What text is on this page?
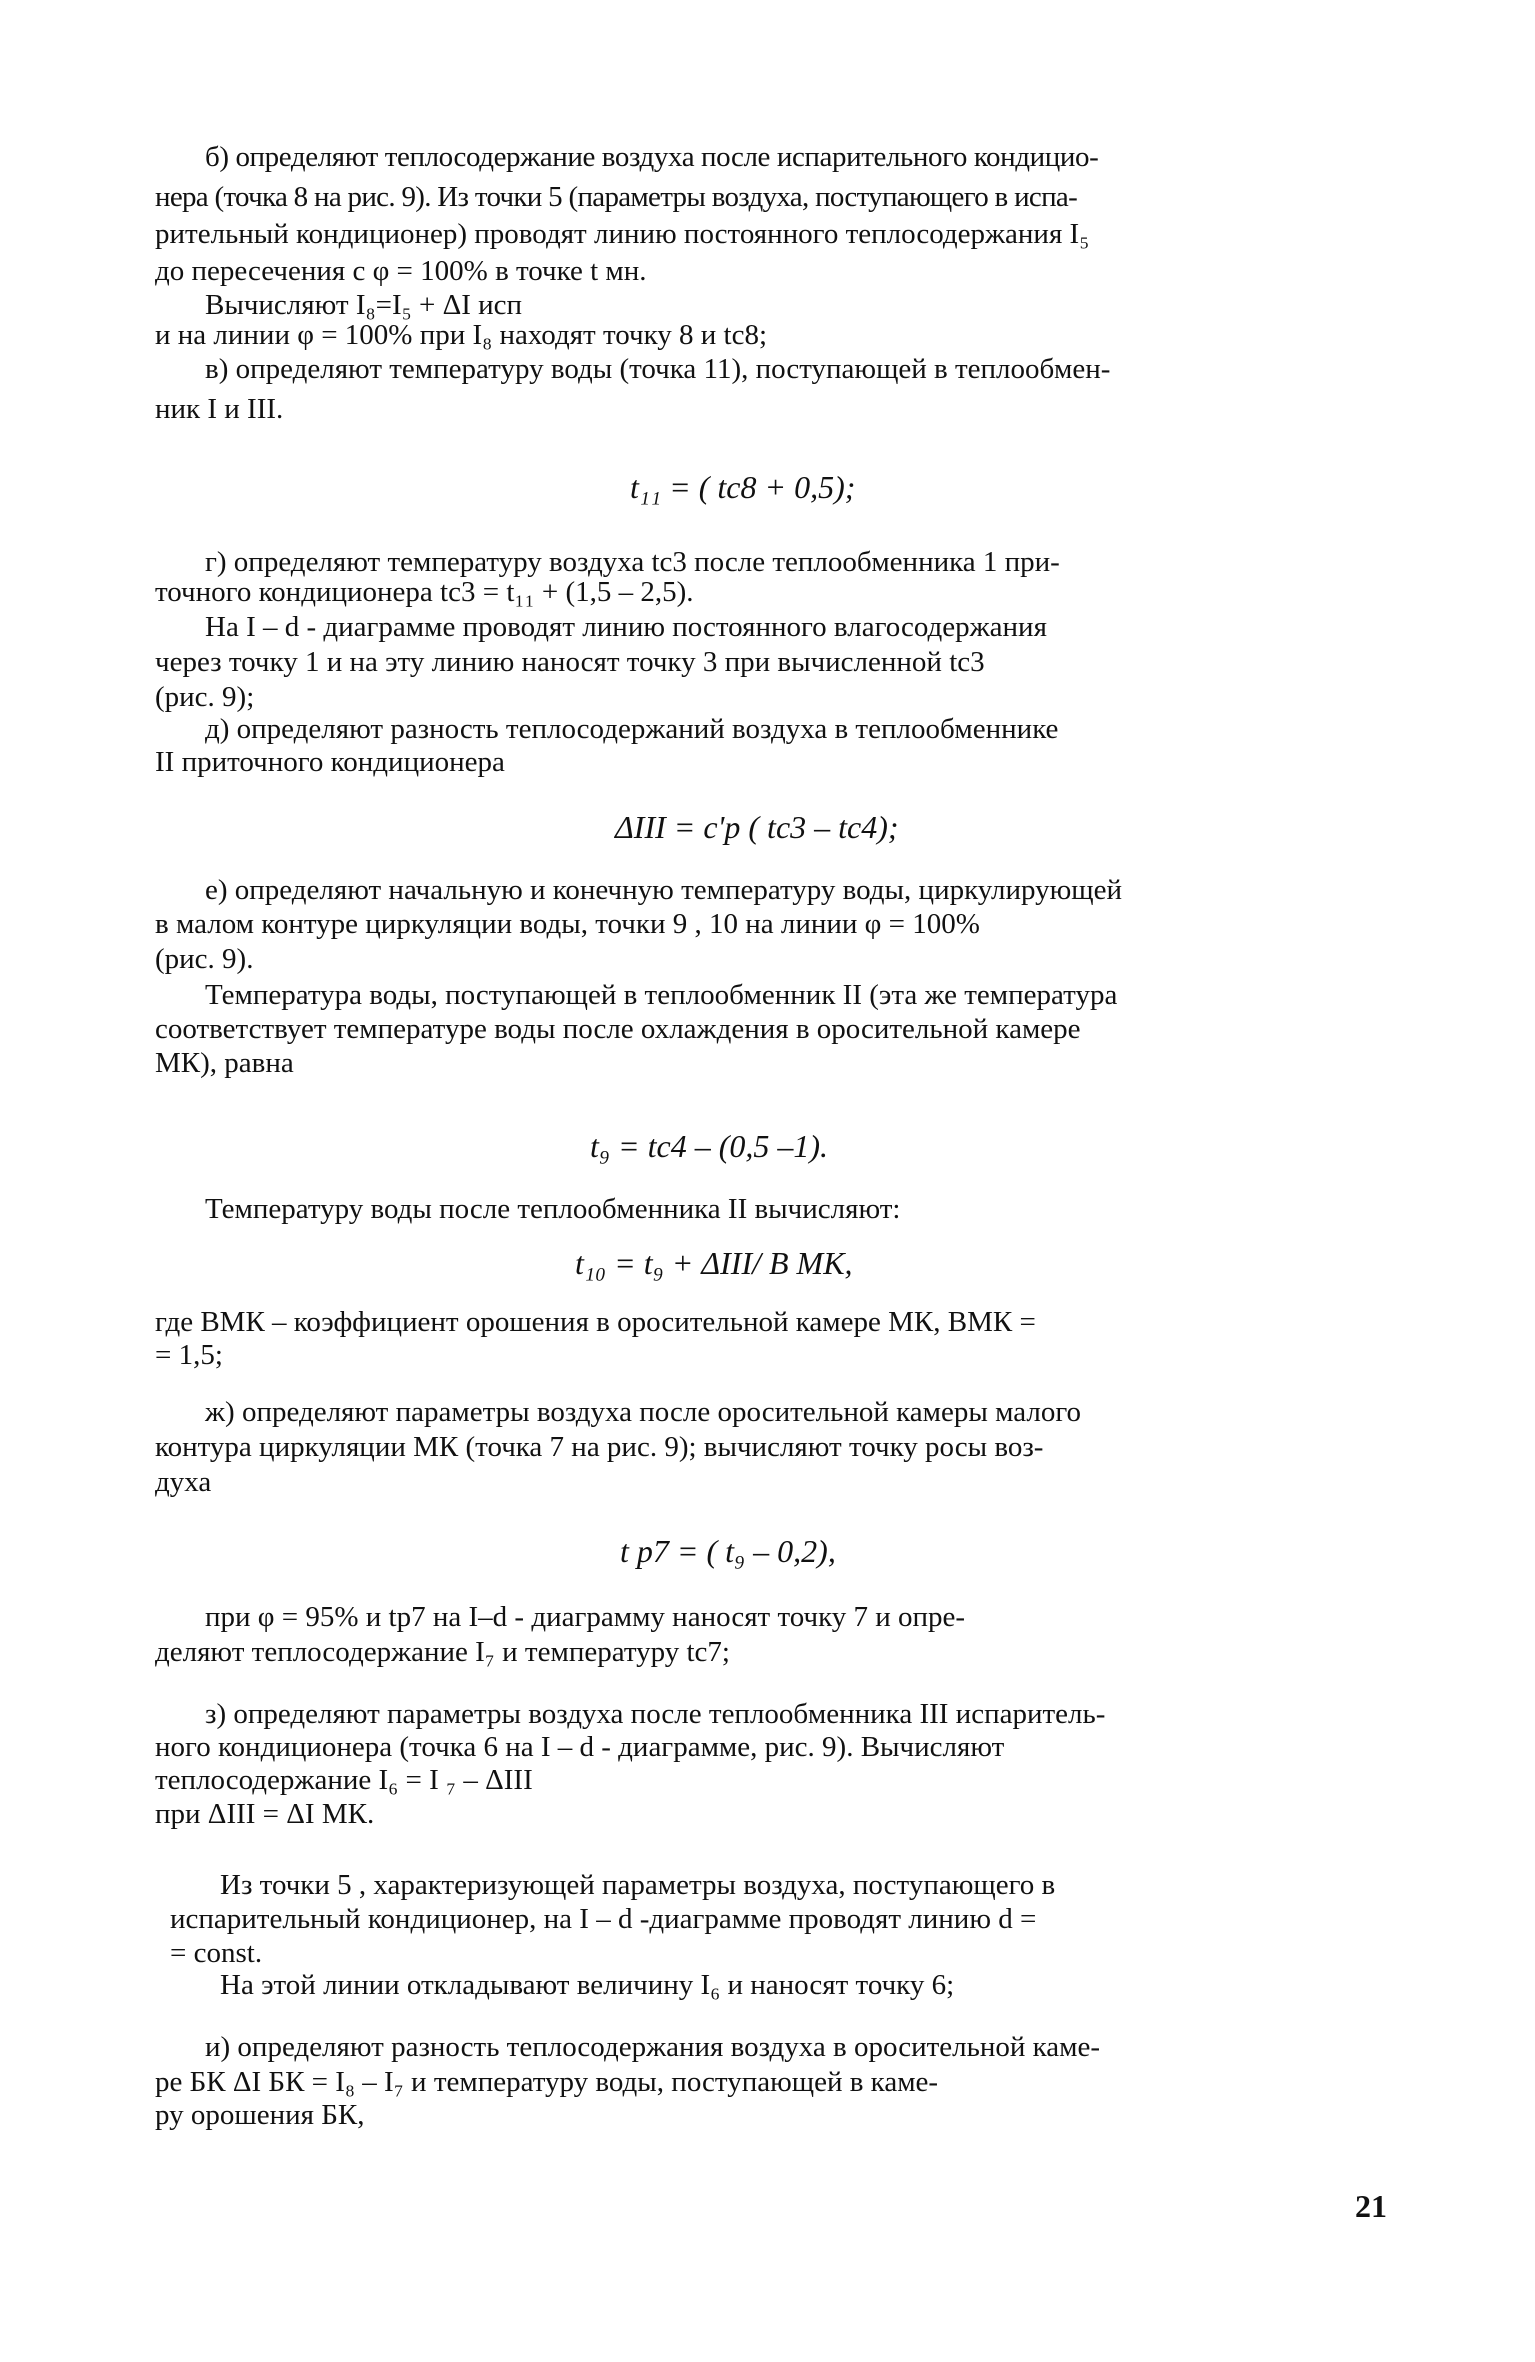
б) определяют теплосодержание воздуха после испарительного кондицио-
нера (точка 8 на рис. 9). Из точки 5 (параметры воздуха, поступающего в испа-
рительный кондиционер) проводят линию постоянного теплосодержания I₅
до пересечения с φ = 100% в точке t мн.
Вычисляют I₈=I₅ + ΔI исп
и на линии φ = 100% при I₈ находят точку 8 и tс8;
в) определяют температуру воды (точка 11), поступающей в теплообмен-
ник I и III.
t₁₁ = ( tс8 + 0,5);
г) определяют температуру воздуха tс3 после теплообменника 1 при-
точного кондиционера tс3 = t₁₁ + (1,5 – 2,5).
На I – d - диаграмме проводят линию постоянного влагосодержания
через точку 1 и на эту линию наносят точку 3 при вычисленной tс3
(рис. 9);
д) определяют разность теплосодержаний воздуха в теплообменнике
II приточного кондиционера
ΔIII = c'p ( tс3 – tс4);
е) определяют начальную и конечную температуру воды, циркулирующей
в малом контуре циркуляции воды, точки 9 , 10 на линии φ = 100%
(рис. 9).
Температура воды, поступающей в теплообменник II (эта же температура
соответствует температуре воды после охлаждения в оросительной камере
МК), равна
t₉ = tс4 – (0,5 –1).
Температуру воды после теплообменника II вычисляют:
t₁₀ = t₉ + ΔIII/ B МК,
где BМК – коэффициент орошения в оросительной камере МК, BМК =
= 1,5;
ж) определяют параметры воздуха после оросительной камеры малого
контура циркуляции МК (точка 7 на рис. 9); вычисляют точку росы воз-
духа
t р7 = ( t₉ – 0,2),
при φ = 95% и tр7 на I–d - диаграмму наносят точку 7 и опре-
деляют теплосодержание I₇ и температуру tс7;
з) определяют параметры воздуха после теплообменника III испаритель-
ного кондиционера (точка 6 на I – d - диаграмме, рис. 9). Вычисляют
теплосодержание I₆ = I ₇ – ΔIII
при ΔIII = ΔI МК.
Из точки 5 , характеризующей параметры воздуха, поступающего в
испарительный кондиционер, на I – d -диаграмме проводят линию d =
= const.
На этой линии откладывают величину I₆ и наносят точку 6;
и) определяют разность теплосодержания воздуха в оросительной каме-
ре БК ΔI БК = I₈ – I₇ и температуру воды, поступающей в каме-
ру орошения БК,
21
